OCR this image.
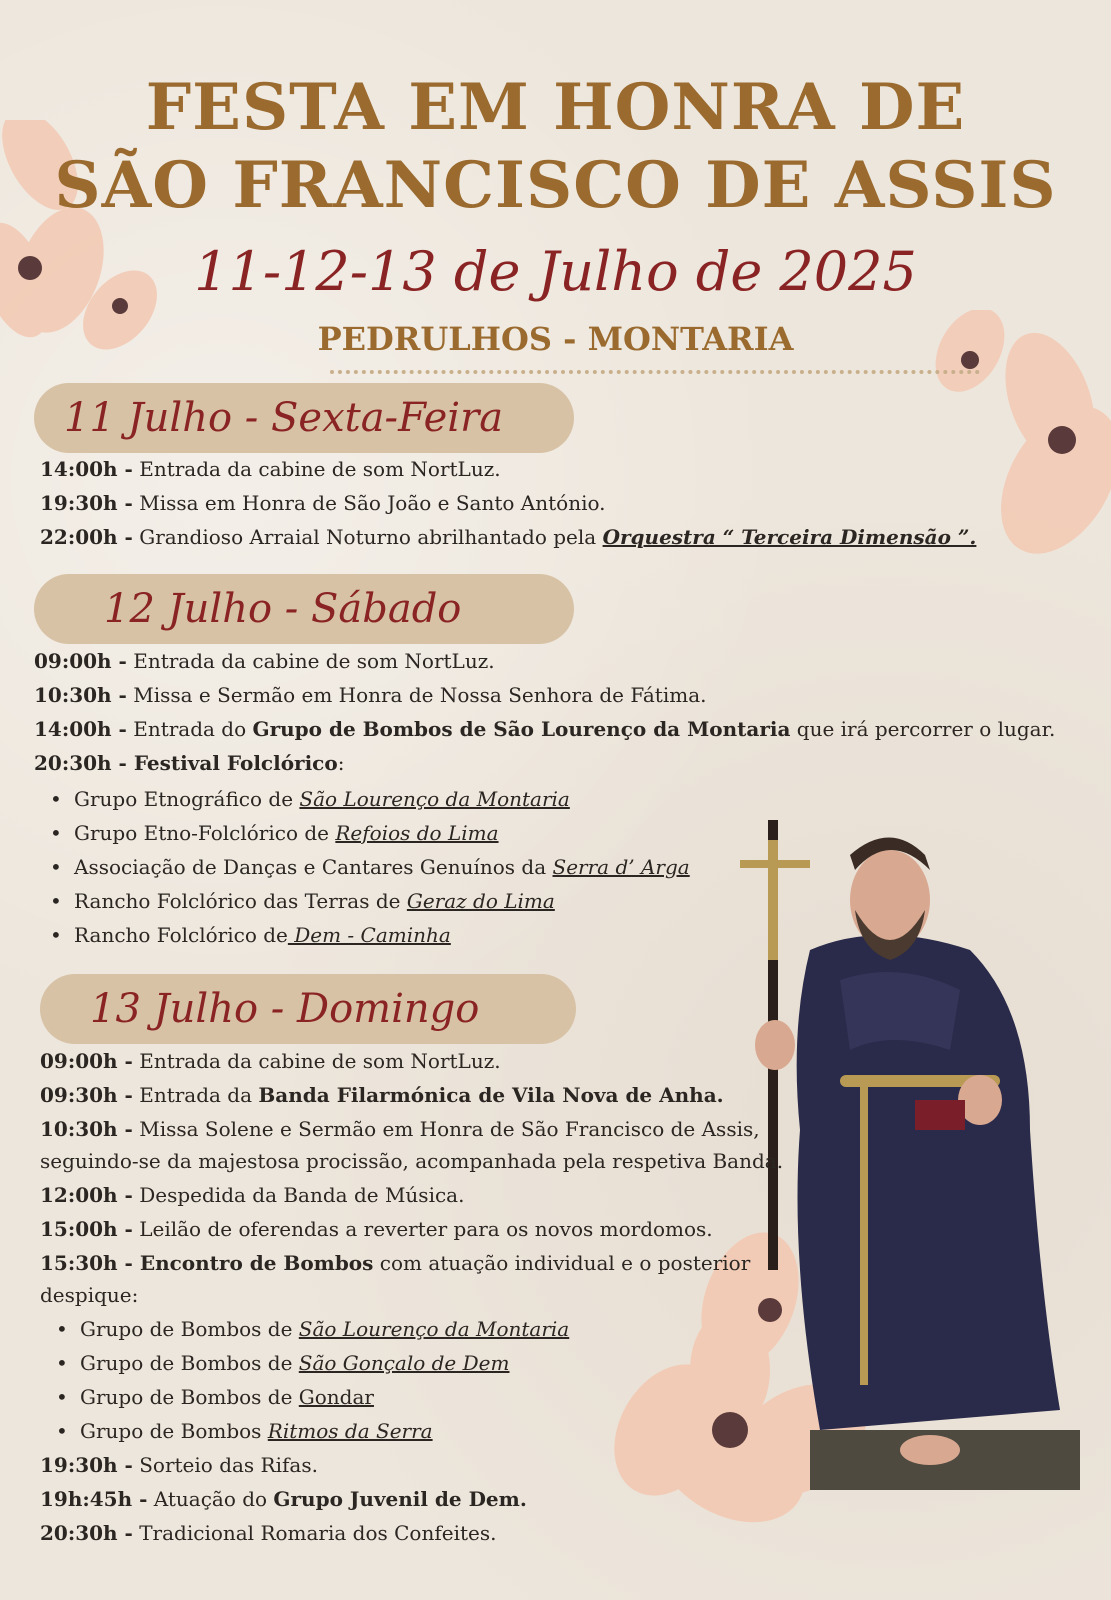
FESTA EM HONRA DE
SÃO FRANCISCO DE ASSIS
11-12-13 de Julho de 2025
PEDRULHOS - MONTARIA
11 Julho - Sexta-Feira
14:00h - Entrada da cabine de som NortLuz.
19:30h - Missa em Honra de São João e Santo António.
22:00h - Grandioso Arraial Noturno abrilhantado pela Orquestra “ Terceira Dimensão ”.
12 Julho - Sábado
09:00h - Entrada da cabine de som NortLuz.
10:30h - Missa e Sermão em Honra de Nossa Senhora de Fátima.
14:00h - Entrada do Grupo de Bombos de São Lourenço da Montaria que irá percorrer o lugar.
20:30h - Festival Folclórico:
• Grupo Etnográfico de São Lourenço da Montaria
• Grupo Etno-Folclórico de Refoios do Lima
• Associação de Danças e Cantares Genuínos da Serra d’ Arga
• Rancho Folclórico das Terras de Geraz do Lima
• Rancho Folclórico de Dem - Caminha
13 Julho - Domingo
09:00h - Entrada da cabine de som NortLuz.
09:30h - Entrada da Banda Filarmónica de Vila Nova de Anha.
10:30h - Missa Solene e Sermão em Honra de São Francisco de Assis,
seguindo-se da majestosa procissão, acompanhada pela respetiva Banda.
12:00h - Despedida da Banda de Música.
15:00h - Leilão de oferendas a reverter para os novos mordomos.
15:30h - Encontro de Bombos com atuação individual e o posterior
despique:
• Grupo de Bombos de São Lourenço da Montaria
• Grupo de Bombos de São Gonçalo de Dem
• Grupo de Bombos de Gondar
• Grupo de Bombos Ritmos da Serra
19:30h - Sorteio das Rifas.
19h:45h - Atuação do Grupo Juvenil de Dem.
20:30h - Tradicional Romaria dos Confeites.
